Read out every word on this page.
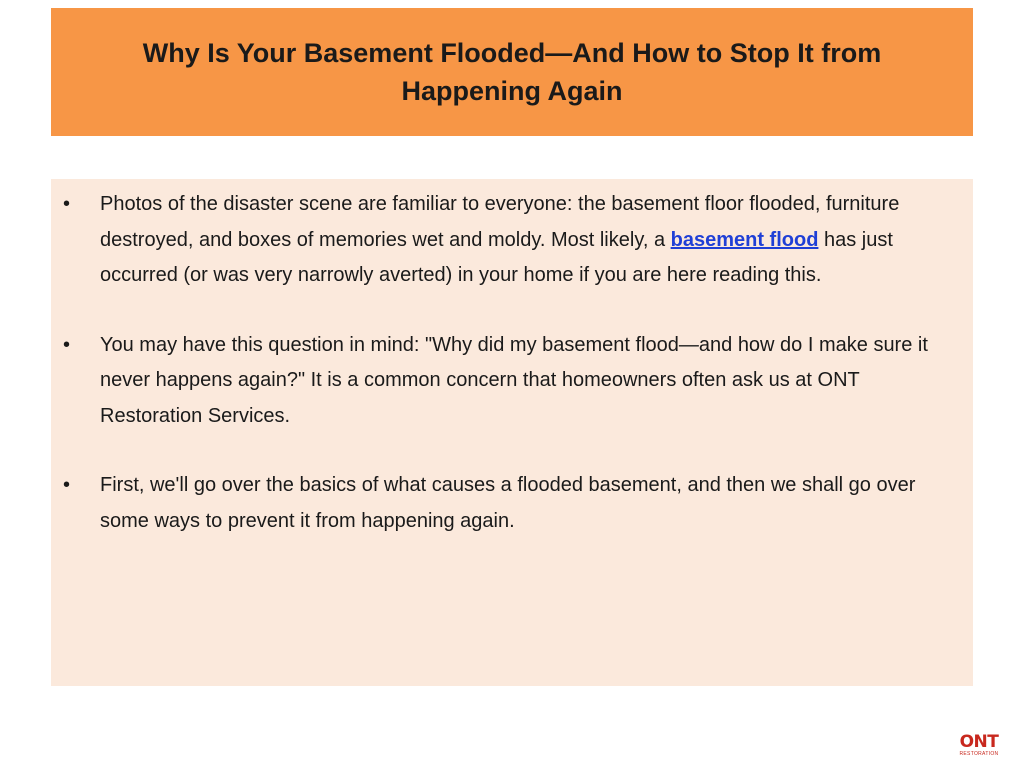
Why Is Your Basement Flooded—And How to Stop It from Happening Again
•	Photos of the disaster scene are familiar to everyone: the basement floor flooded, furniture destroyed, and boxes of memories wet and moldy. Most likely, a basement flood has just occurred (or was very narrowly averted) in your home if you are here reading this.
•	You may have this question in mind: "Why did my basement flood—and how do I make sure it never happens again?" It is a common concern that homeowners often ask us at ONT Restoration Services.
•	First, we'll go over the basics of what causes a flooded basement, and then we shall go over some ways to prevent it from happening again.
ONT
RESTORATION
